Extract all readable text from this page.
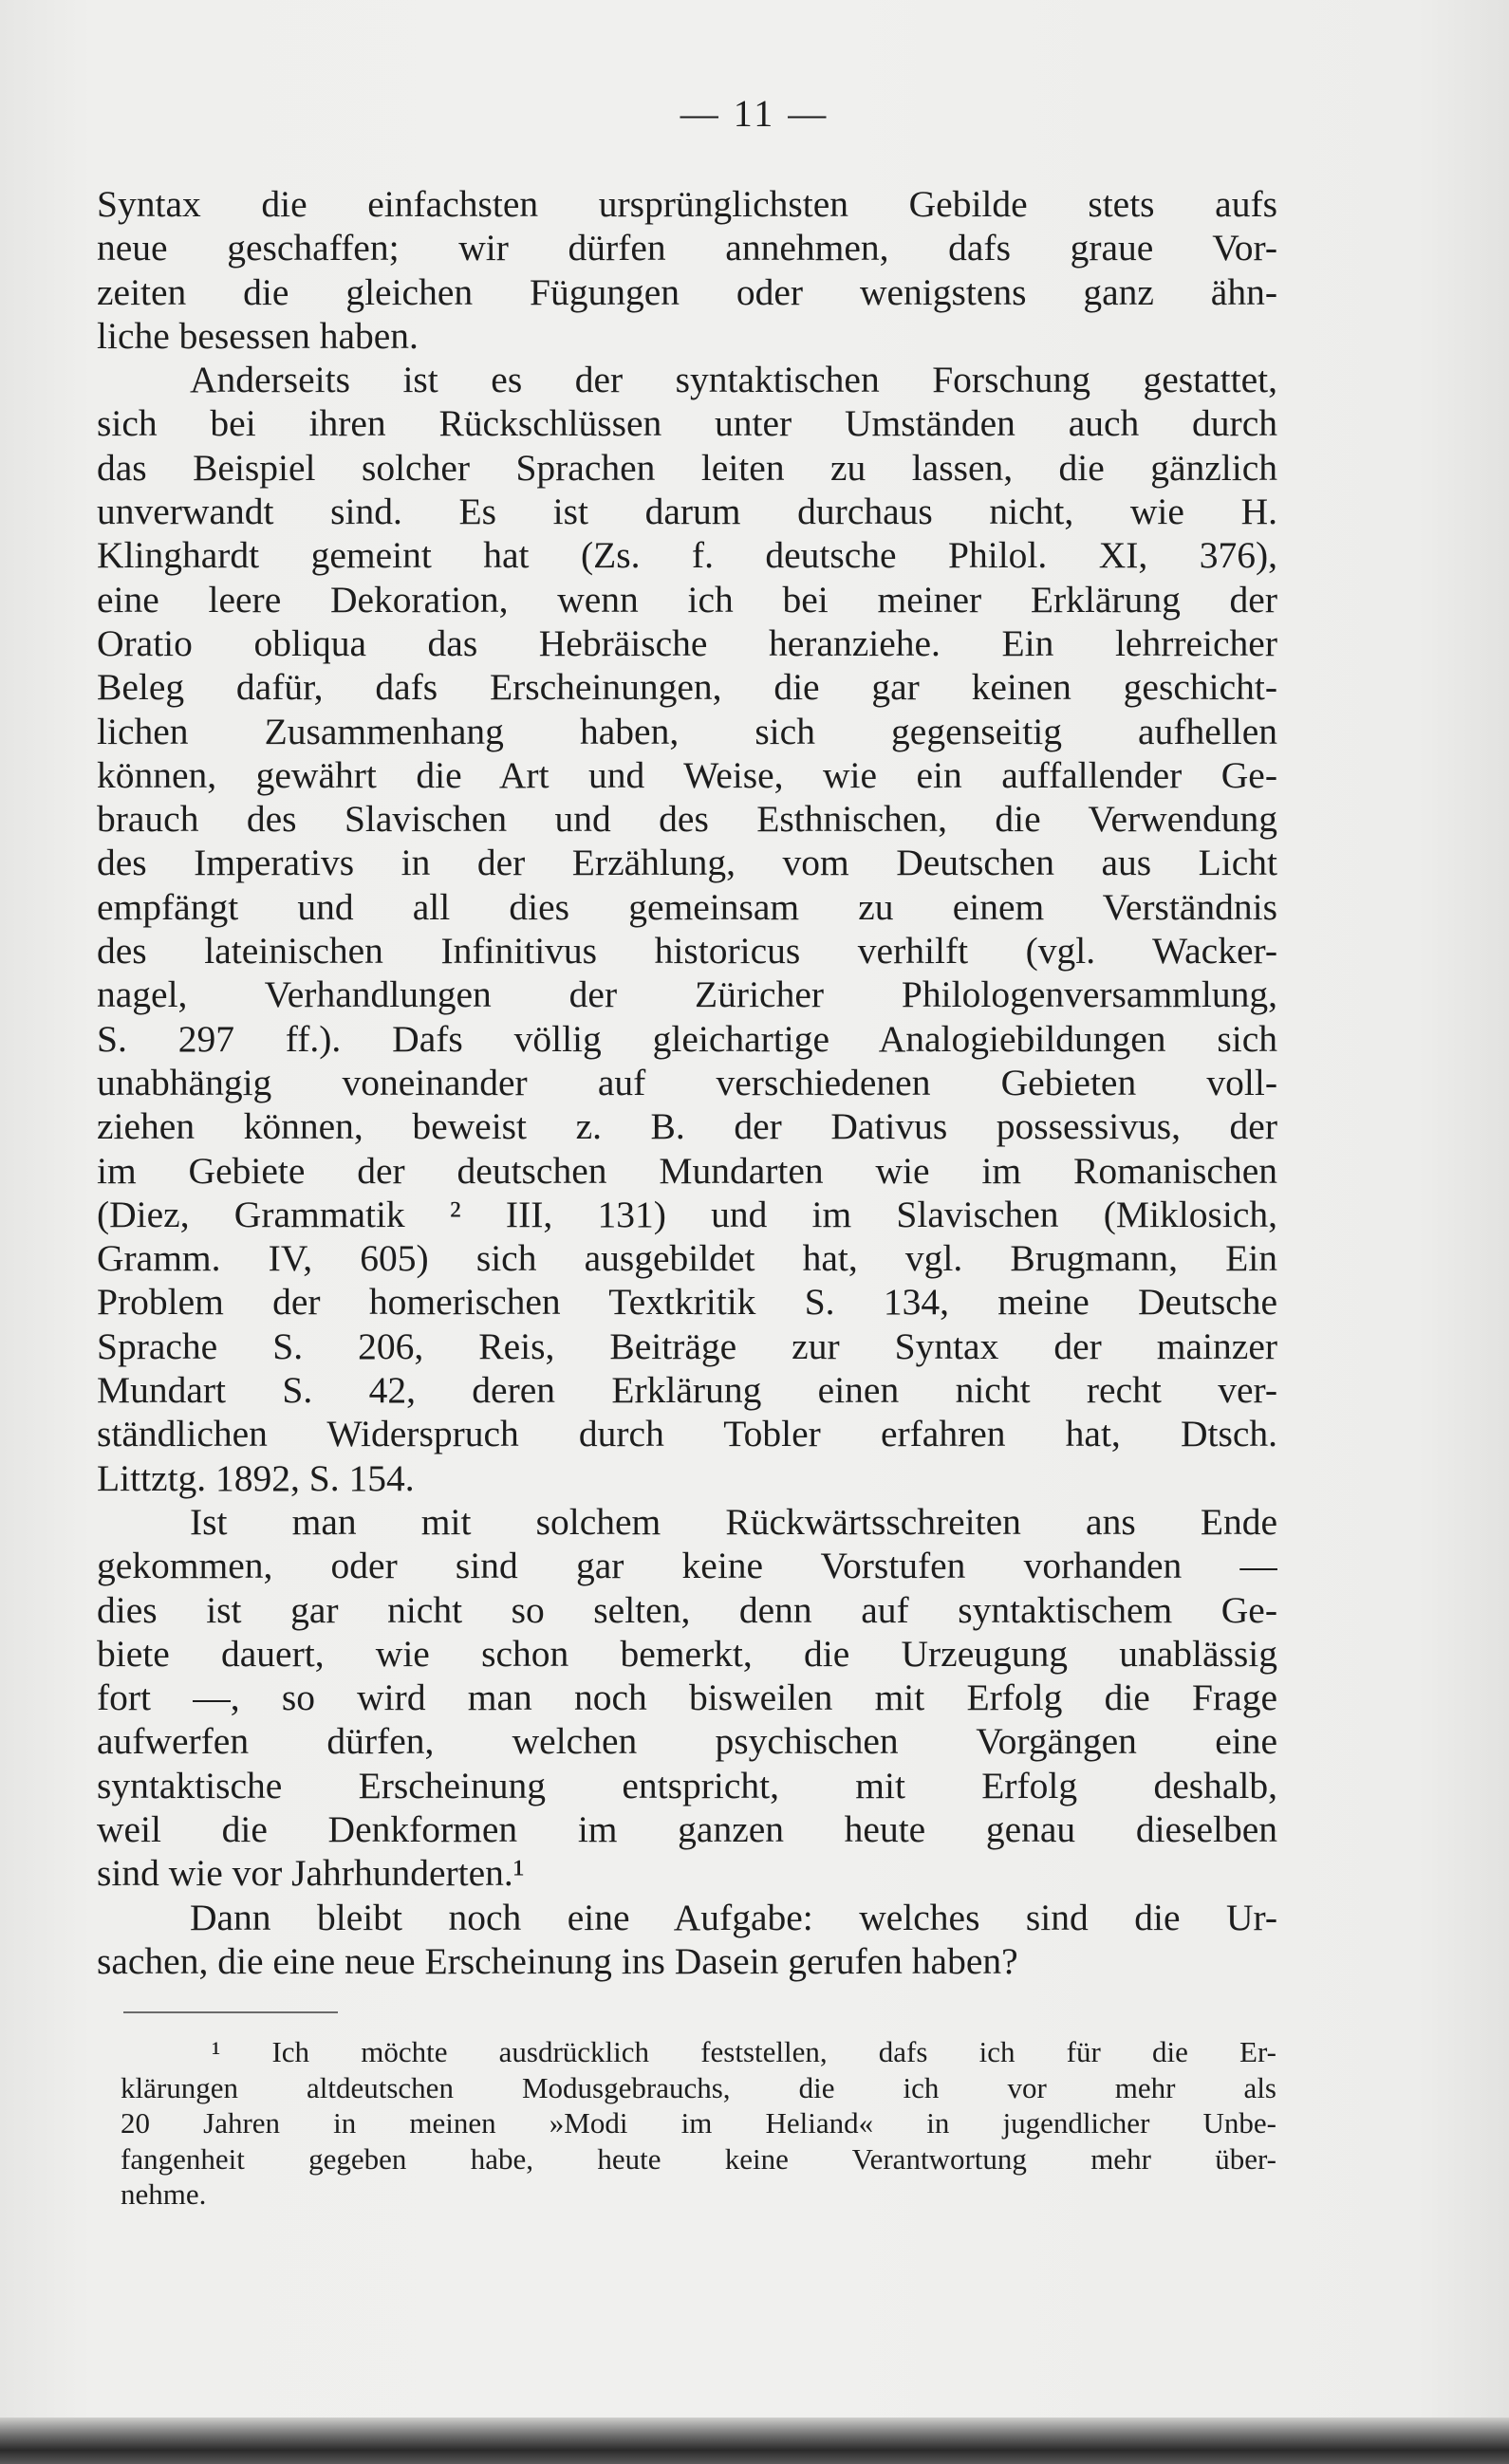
— 11 —
Syntax die einfachsten ursprünglichsten Gebilde stets aufs
neue geschaffen; wir dürfen annehmen, dafs graue Vor-
zeiten die gleichen Fügungen oder wenigstens ganz ähn-
liche besessen haben.
Anderseits ist es der syntaktischen Forschung gestattet,
sich bei ihren Rückschlüssen unter Umständen auch durch
das Beispiel solcher Sprachen leiten zu lassen, die gänzlich
unverwandt sind. Es ist darum durchaus nicht, wie H.
Klinghardt gemeint hat (Zs. f. deutsche Philol. XI, 376),
eine leere Dekoration, wenn ich bei meiner Erklärung der
Oratio obliqua das Hebräische heranziehe. Ein lehrreicher
Beleg dafür, dafs Erscheinungen, die gar keinen geschicht-
lichen Zusammenhang haben, sich gegenseitig aufhellen
können, gewährt die Art und Weise, wie ein auffallender Ge-
brauch des Slavischen und des Esthnischen, die Verwendung
des Imperativs in der Erzählung, vom Deutschen aus Licht
empfängt und all dies gemeinsam zu einem Verständnis
des lateinischen Infinitivus historicus verhilft (vgl. Wacker-
nagel, Verhandlungen der Züricher Philologenversammlung,
S. 297 ff.). Dafs völlig gleichartige Analogiebildungen sich
unabhängig voneinander auf verschiedenen Gebieten voll-
ziehen können, beweist z. B. der Dativus possessivus, der
im Gebiete der deutschen Mundarten wie im Romanischen
(Diez, Grammatik ² III, 131) und im Slavischen (Miklosich,
Gramm. IV, 605) sich ausgebildet hat, vgl. Brugmann, Ein
Problem der homerischen Textkritik S. 134, meine Deutsche
Sprache S. 206, Reis, Beiträge zur Syntax der mainzer
Mundart S. 42, deren Erklärung einen nicht recht ver-
ständlichen Widerspruch durch Tobler erfahren hat, Dtsch.
Littztg. 1892, S. 154.
Ist man mit solchem Rückwärtsschreiten ans Ende
gekommen, oder sind gar keine Vorstufen vorhanden —
dies ist gar nicht so selten, denn auf syntaktischem Ge-
biete dauert, wie schon bemerkt, die Urzeugung unablässig
fort —, so wird man noch bisweilen mit Erfolg die Frage
aufwerfen dürfen, welchen psychischen Vorgängen eine
syntaktische Erscheinung entspricht, mit Erfolg deshalb,
weil die Denkformen im ganzen heute genau dieselben
sind wie vor Jahrhunderten.¹
Dann bleibt noch eine Aufgabe: welches sind die Ur-
sachen, die eine neue Erscheinung ins Dasein gerufen haben?
¹ Ich möchte ausdrücklich feststellen, dafs ich für die Er-
klärungen altdeutschen Modusgebrauchs, die ich vor mehr als
20 Jahren in meinen »Modi im Heliand« in jugendlicher Unbe-
fangenheit gegeben habe, heute keine Verantwortung mehr über-
nehme.
